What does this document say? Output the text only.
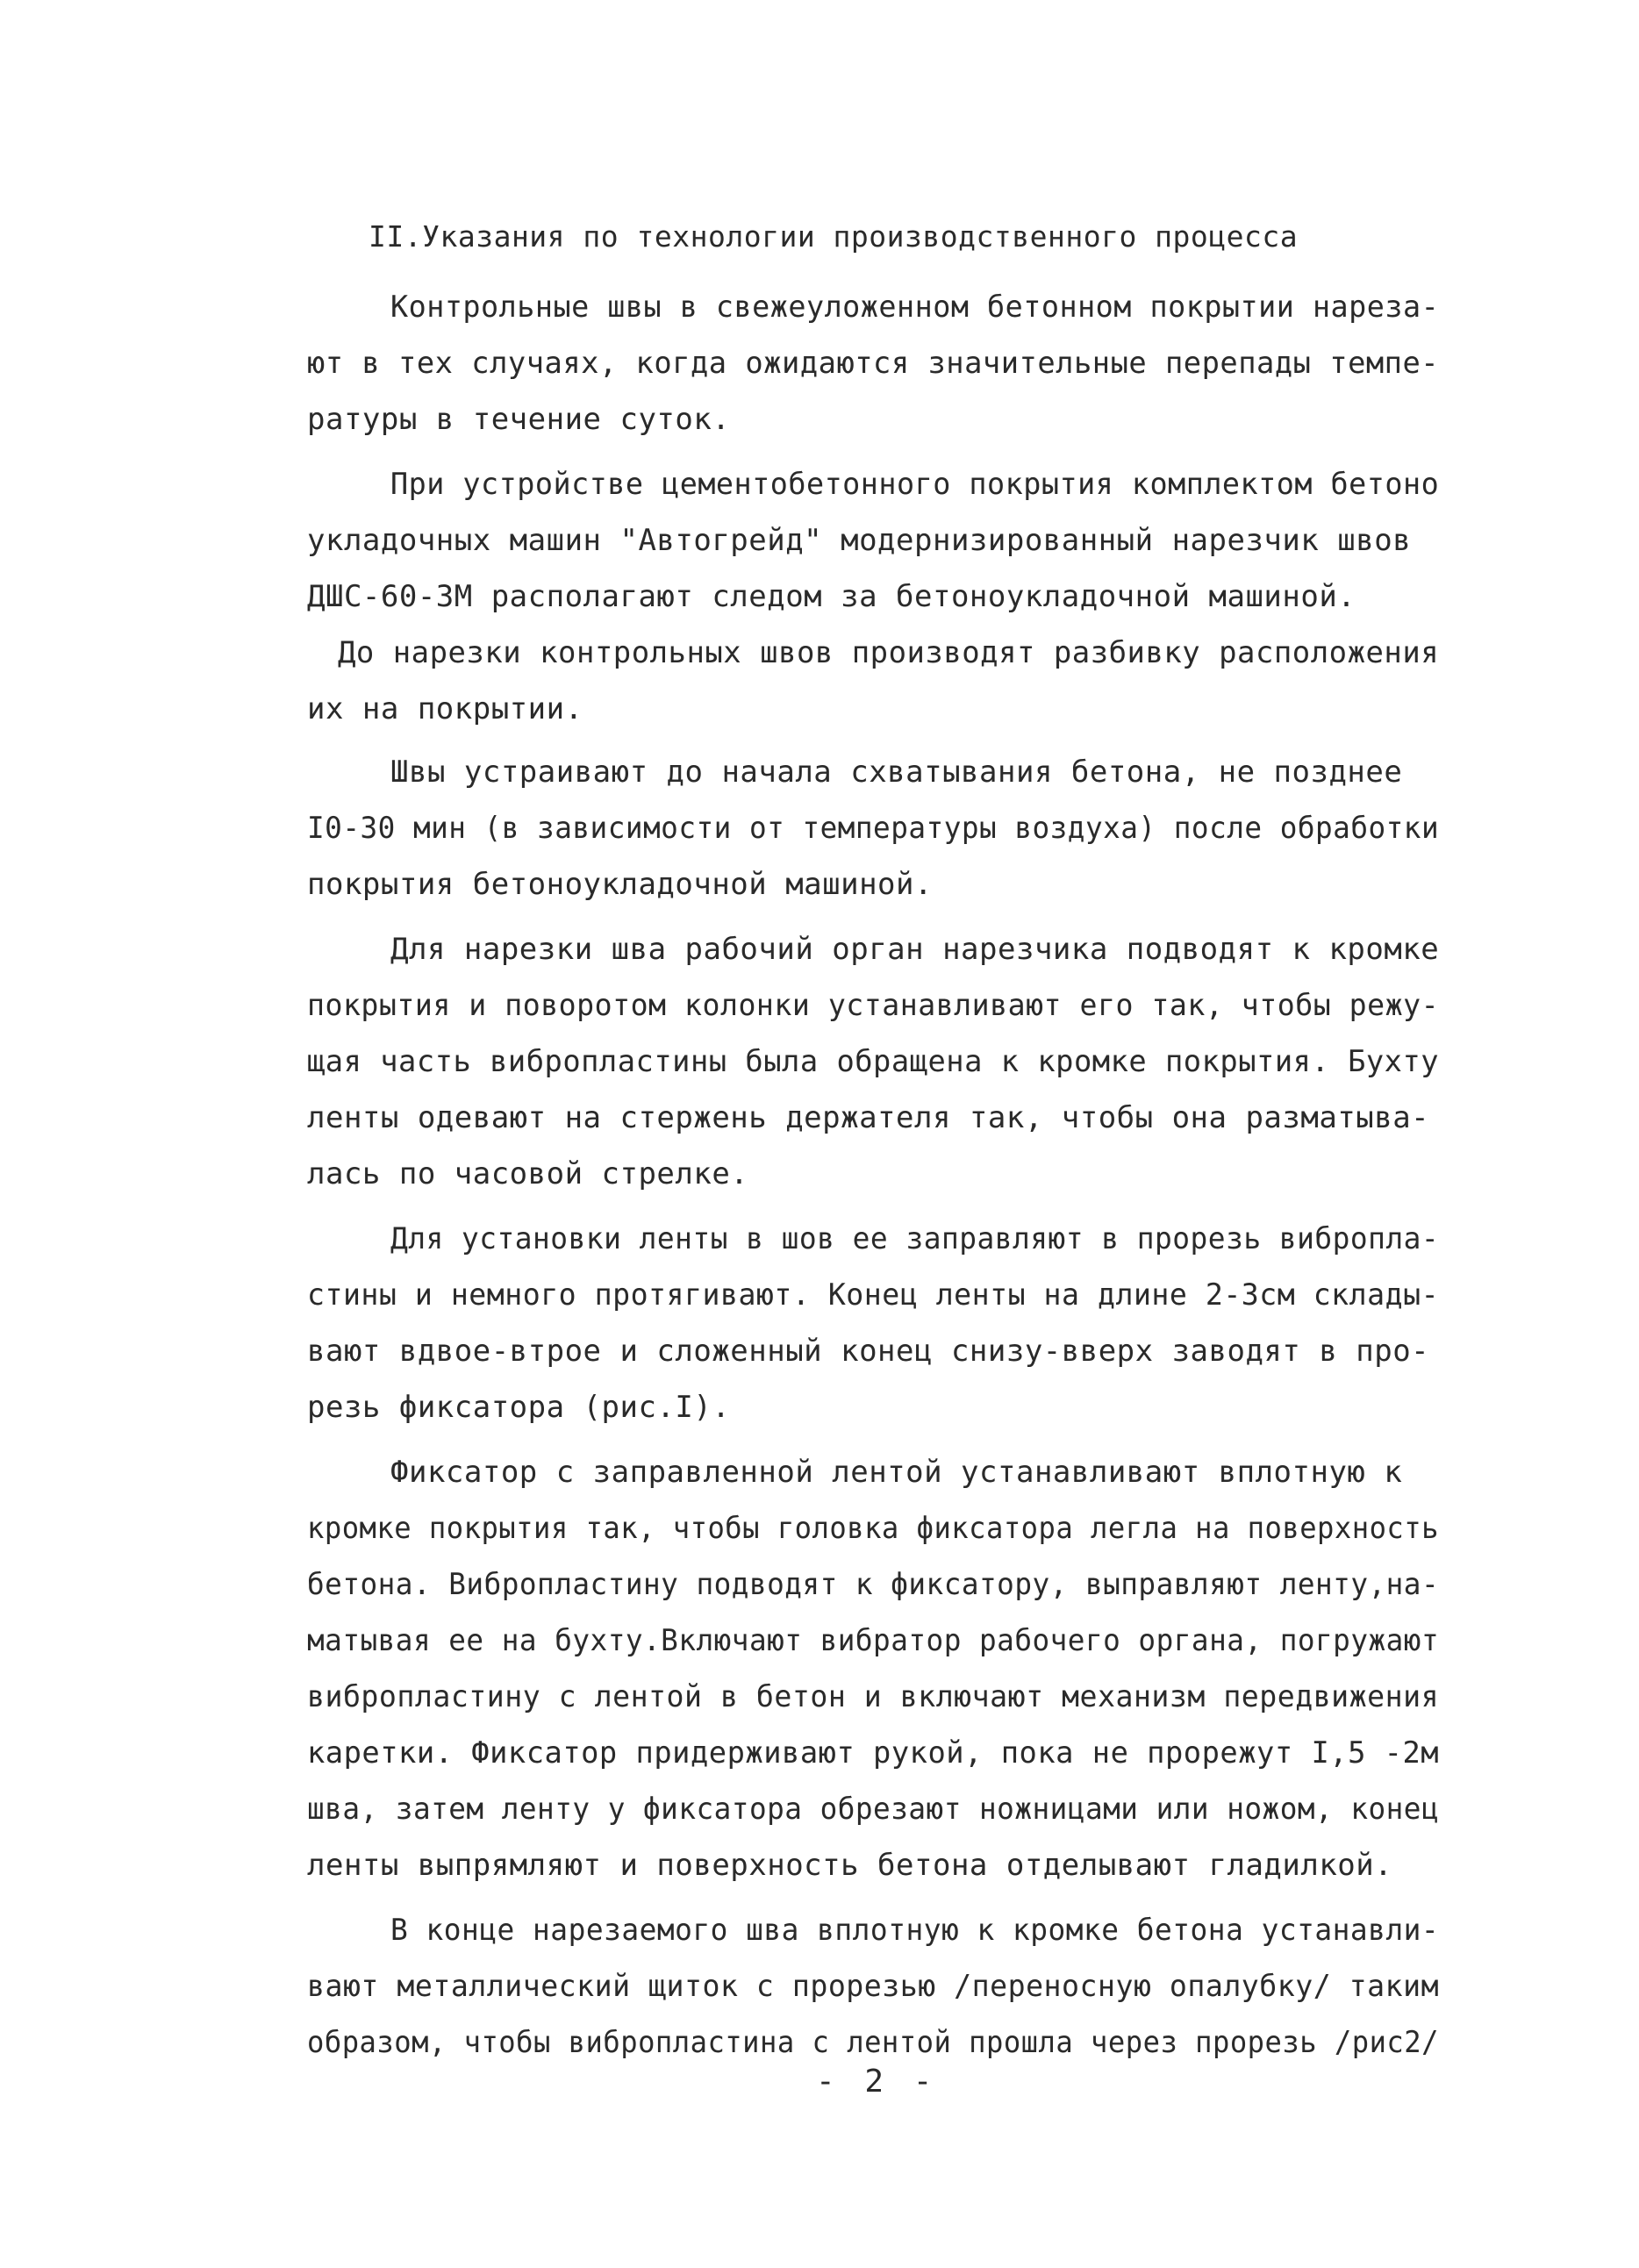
II.Указания по технологии производственного процесса
Контрольные швы в свежеуложенном бетонном покрытии нареза-
ют в тех случаях, когда ожидаются значительные перепады темпе-
ратуры в течение суток.
При устройстве цементобетонного покрытия комплектом бетоно
укладочных машин "Автогрейд" модернизированный нарезчик швов
ДШС-60-3М располагают следом за бетоноукладочной машиной.
До нарезки контрольных швов производят разбивку расположения
их на покрытии.
Швы устраивают до начала схватывания бетона, не позднее
I0-30 мин (в зависимости от температуры воздуха) после обработки
покрытия бетоноукладочной машиной.
Для нарезки шва рабочий орган нарезчика подводят к кромке
покрытия и поворотом колонки устанавливают его так, чтобы режу-
щая часть вибропластины была обращена к кромке покрытия. Бухту
ленты одевают на стержень держателя так, чтобы она разматыва-
лась по часовой стрелке.
Для установки ленты в шов ее заправляют в прорезь вибропла-
стины и немного протягивают. Конец ленты на длине 2-3см склады-
вают вдвое-втрое и сложенный конец снизу-вверх заводят в про-
резь фиксатора (рис.I).
Фиксатор с заправленной лентой устанавливают вплотную к
кромке покрытия так, чтобы головка фиксатора легла на поверхность
бетона. Вибропластину подводят к фиксатору, выправляют ленту,на-
матывая ее на бухту.Включают вибратор рабочего органа, погружают
вибропластину с лентой в бетон и включают механизм передвижения
каретки. Фиксатор придерживают рукой, пока не прорежут I,5 -2м
шва, затем ленту у фиксатора обрезают ножницами или ножом, конец
ленты выпрямляют и поверхность бетона отделывают гладилкой.
В конце нарезаемого шва вплотную к кромке бетона устанавли-
вают металлический щиток с прорезью /переносную опалубку/ таким
образом, чтобы вибропластина с лентой прошла через прорезь /рис2/
- 2 -
